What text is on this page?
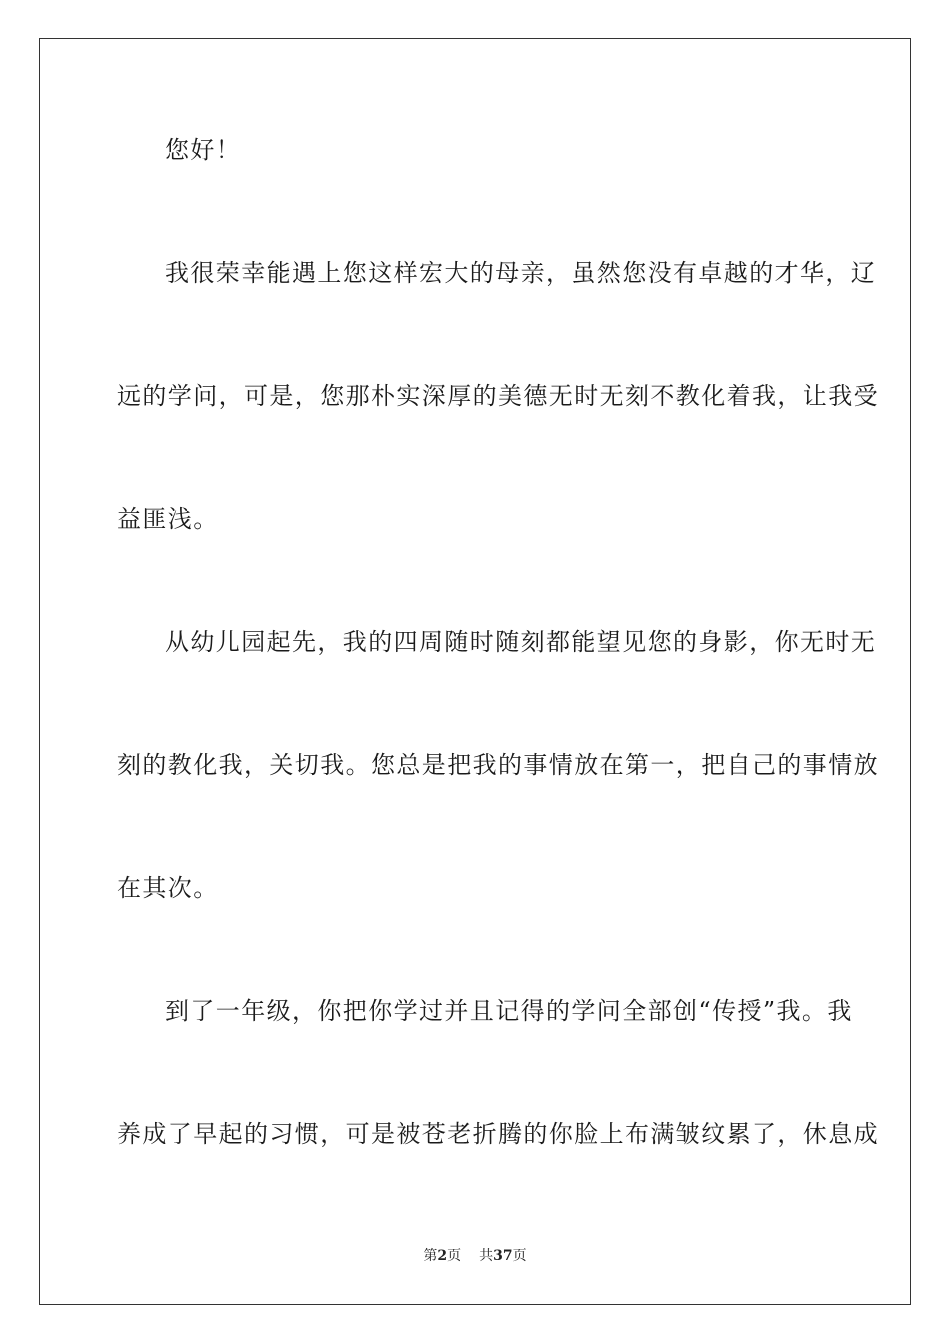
您好！
我很荣幸能遇上您这样宏大的母亲，虽然您没有卓越的才华，辽
远的学问，可是，您那朴实深厚的美德无时无刻不教化着我，让我受
益匪浅。
从幼儿园起先，我的四周随时随刻都能望见您的身影，你无时无
刻的教化我，关切我。您总是把我的事情放在第一，把自己的事情放
在其次。
到了一年级，你把你学过并且记得的学问全部创“传授”我。我
养成了早起的习惯，可是被苍老折腾的你脸上布满皱纹累了，休息成
第2页 共37页
